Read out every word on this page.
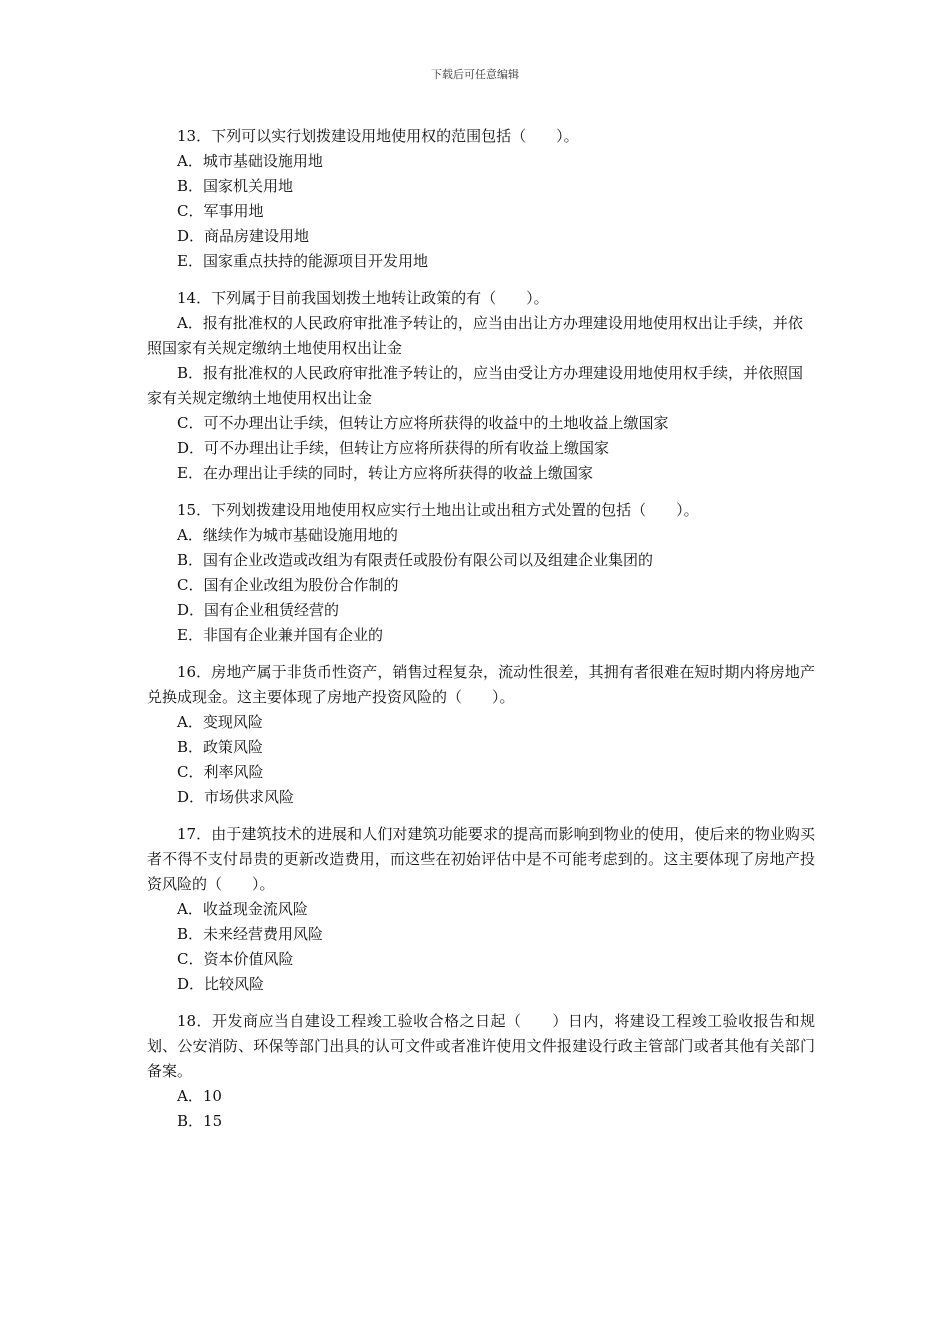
下载后可任意编辑

13．下列可以实行划拨建设用地使用权的范围包括（　　）。

A．城市基础设施用地

B．国家机关用地

C．军事用地

D．商品房建设用地

E．国家重点扶持的能源项目开发用地

14．下列属于目前我国划拨土地转让政策的有（　　）。

A．报有批准权的人民政府审批准予转让的，应当由出让方办理建设用地使用权出让手续，并依照国家有关规定缴纳土地使用权出让金

B．报有批准权的人民政府审批准予转让的，应当由受让方办理建设用地使用权手续，并依照国家有关规定缴纳土地使用权出让金

C．可不办理出让手续，但转让方应将所获得的收益中的土地收益上缴国家

D．可不办理出让手续，但转让方应将所获得的所有收益上缴国家

E．在办理出让手续的同时，转让方应将所获得的收益上缴国家

15．下列划拨建设用地使用权应实行土地出让或出租方式处置的包括（　　）。

A．继续作为城市基础设施用地的

B．国有企业改造或改组为有限责任或股份有限公司以及组建企业集团的

C．国有企业改组为股份合作制的

D．国有企业租赁经营的

E．非国有企业兼并国有企业的

16．房地产属于非货币性资产，销售过程复杂，流动性很差，其拥有者很难在短时期内将房地产兑换成现金。这主要体现了房地产投资风险的（　　）。

A．变现风险

B．政策风险

C．利率风险

D．市场供求风险

17．由于建筑技术的进展和人们对建筑功能要求的提高而影响到物业的使用，使后来的物业购买者不得不支付昂贵的更新改造费用，而这些在初始评估中是不可能考虑到的。这主要体现了房地产投资风险的（　　）。

A．收益现金流风险

B．未来经营费用风险

C．资本价值风险

D．比较风险

18．开发商应当自建设工程竣工验收合格之日起（　　）日内，将建设工程竣工验收报告和规划、公安消防、环保等部门出具的认可文件或者准许使用文件报建设行政主管部门或者其他有关部门备案。

A．10

B．15
